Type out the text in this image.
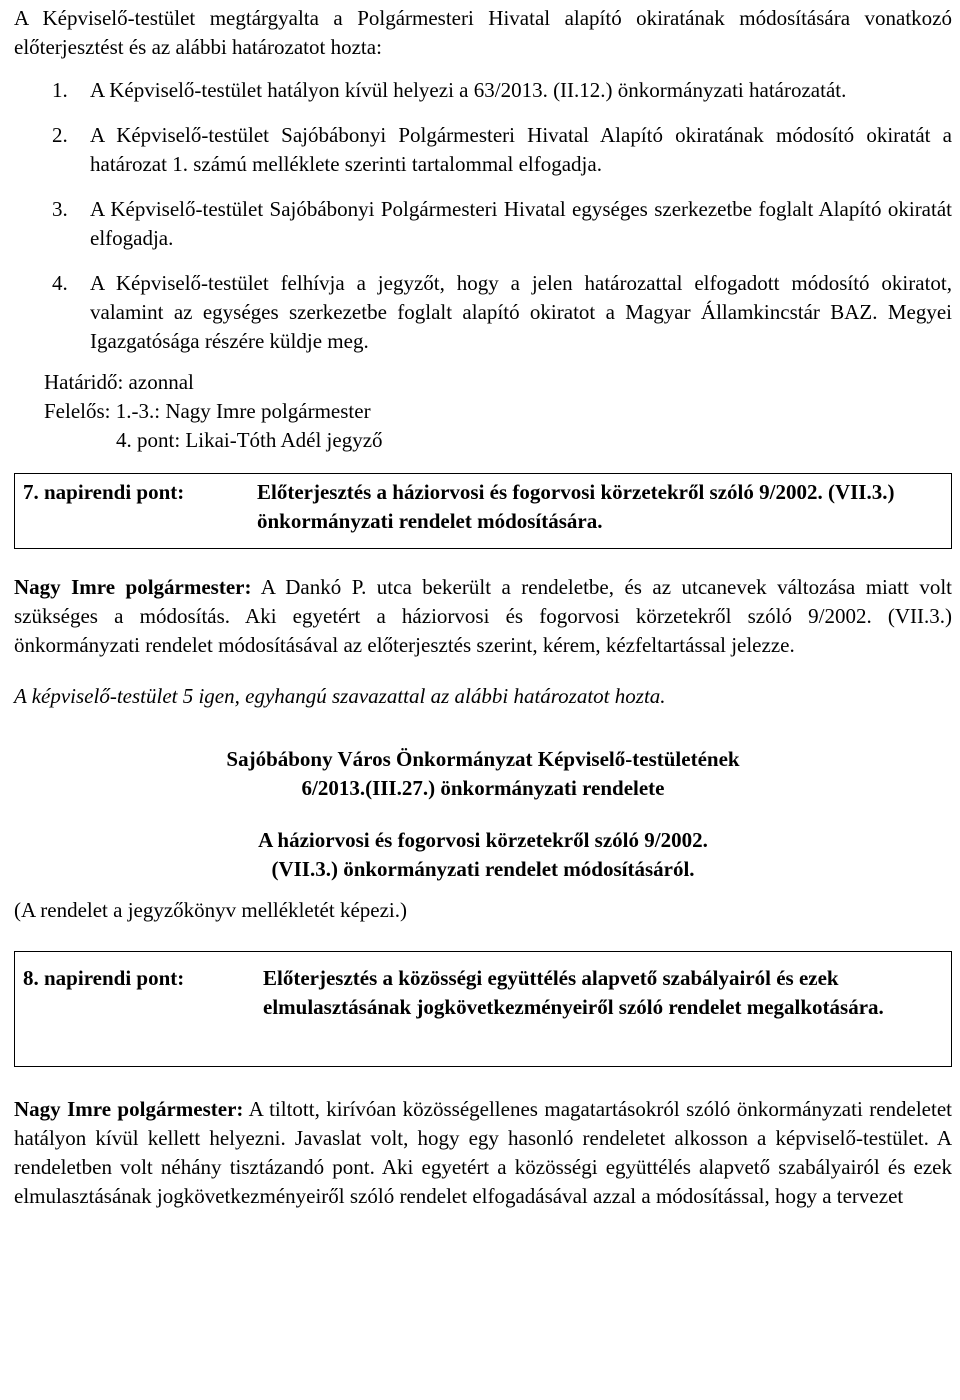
A Képviselő-testület megtárgyalta a Polgármesteri Hivatal alapító okiratának módosítására vonatkozó előterjesztést és az alábbi határozatot hozta:

1. A Képviselő-testület hatályon kívül helyezi a 63/2013. (II.12.) önkormányzati határozatát.
2. A Képviselő-testület Sajóbábonyi Polgármesteri Hivatal Alapító okiratának módosító okiratát a határozat 1. számú melléklete szerinti tartalommal elfogadja.
3. A Képviselő-testület Sajóbábonyi Polgármesteri Hivatal egységes szerkezetbe foglalt Alapító okiratát elfogadja.
4. A Képviselő-testület felhívja a jegyzőt, hogy a jelen határozattal elfogadott módosító okiratot, valamint az egységes szerkezetbe foglalt alapító okiratot a Magyar Államkincstár BAZ. Megyei Igazgatósága részére küldje meg.
Határidő: azonnal
Felelős: 1.-3.: Nagy Imre polgármester
4. pont: Likai-Tóth Adél jegyző
7. napirendi pont:	Előterjesztés a háziorvosi és fogorvosi körzetekről szóló 9/2002. (VII.3.) önkormányzati rendelet módosítására.

Nagy Imre polgármester: A Dankó P. utca bekerült a rendeletbe, és az utcanevek változása miatt volt szükséges a módosítás. Aki egyetért a háziorvosi és fogorvosi körzetekről szóló 9/2002. (VII.3.) önkormányzati rendelet módosításával az előterjesztés szerint, kérem, kézfeltartással jelezze.

A képviselő-testület 5 igen, egyhangú szavazattal az alábbi határozatot hozta.

Sajóbábony Város Önkormányzat Képviselő-testületének
6/2013.(III.27.) önkormányzati rendelete
A háziorvosi és fogorvosi körzetekről szóló 9/2002.
(VII.3.) önkormányzati rendelet módosításáról.

(A rendelet a jegyzőkönyv mellékletét képezi.)

8. napirendi pont:	Előterjesztés a közösségi együttélés alapvető szabályairól és ezek elmulasztásának jogkövetkezményeiről szóló rendelet megalkotására.

Nagy Imre polgármester: A tiltott, kirívóan közösségellenes magatartásokról szóló önkormányzati rendeletet hatályon kívül kellett helyezni. Javaslat volt, hogy egy hasonló rendeletet alkosson a képviselő-testület. A rendeletben volt néhány tisztázandó pont. Aki egyetért a közösségi együttélés alapvető szabályairól és ezek elmulasztásának jogkövetkezményeiről szóló rendelet elfogadásával azzal a módosítással, hogy a tervezet
